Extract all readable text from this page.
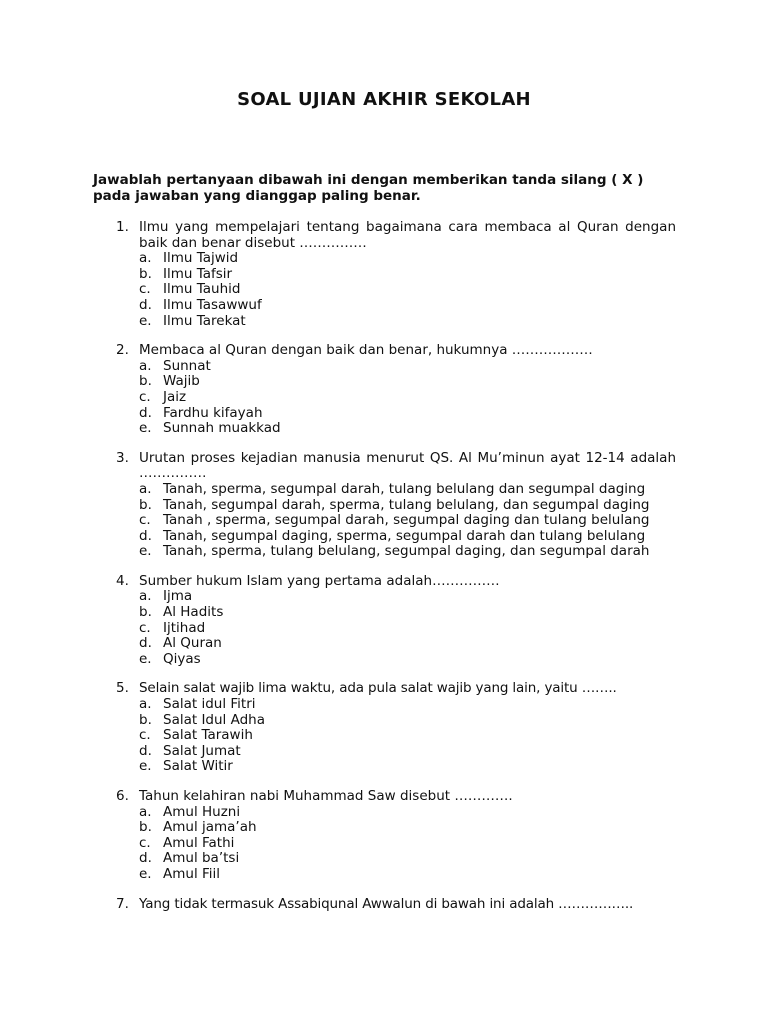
SOAL UJIAN AKHIR SEKOLAH
Jawablah pertanyaan dibawah ini dengan memberikan tanda silang ( X ) pada jawaban yang dianggap paling benar.
1. Ilmu yang mempelajari tentang bagaimana cara membaca al Quran dengan baik dan benar disebut ……………
a. Ilmu Tajwid
b. Ilmu Tafsir
c. Ilmu Tauhid
d. Ilmu Tasawwuf
e. Ilmu Tarekat
2. Membaca al Quran dengan baik dan benar, hukumnya ………………
a. Sunnat
b. Wajib
c. Jaiz
d. Fardhu kifayah
e. Sunnah muakkad
3. Urutan proses kejadian manusia menurut QS. Al Mu’minun ayat 12-14 adalah ……………
a. Tanah, sperma, segumpal darah, tulang belulang dan segumpal daging
b. Tanah, segumpal darah, sperma, tulang belulang, dan segumpal daging
c. Tanah , sperma, segumpal darah, segumpal daging dan tulang belulang
d. Tanah, segumpal daging, sperma, segumpal darah dan tulang belulang
e. Tanah, sperma, tulang belulang, segumpal daging, dan segumpal darah
4. Sumber hukum Islam yang pertama adalah……………
a. Ijma
b. Al Hadits
c. Ijtihad
d. Al Quran
e. Qiyas
5. Selain salat wajib lima waktu, ada pula salat wajib yang lain, yaitu ……..
a. Salat idul Fitri
b. Salat Idul Adha
c. Salat Tarawih
d. Salat Jumat
e. Salat Witir
6. Tahun kelahiran nabi Muhammad Saw disebut ………….
a. Amul Huzni
b. Amul jama’ah
c. Amul Fathi
d. Amul ba’tsi
e. Amul Fiil
7. Yang tidak termasuk Assabiqunal Awwalun di bawah ini adalah ……………..
